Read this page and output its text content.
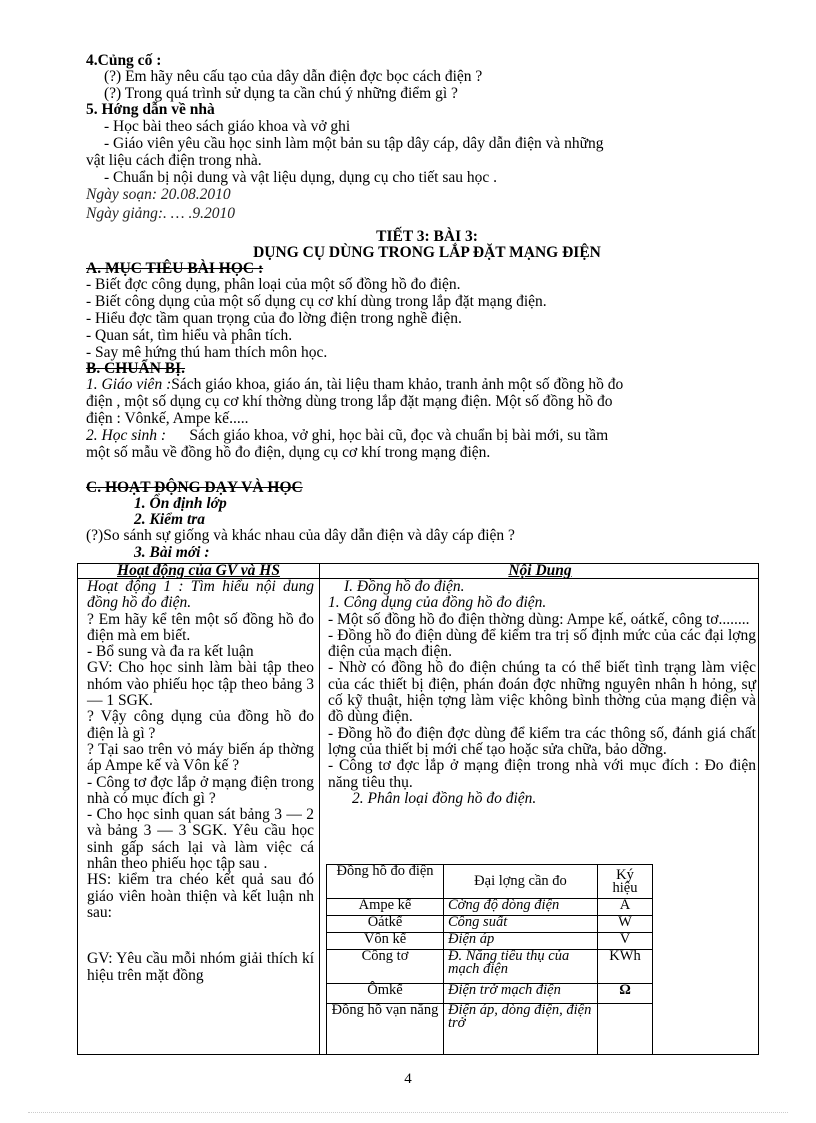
4.Củng cố :
(?) Em hãy nêu cấu tạo của dây dẫn điện đợc bọc cách điện ?
(?) Trong quá trình sử dụng ta cần chú ý những điểm gì ?
5. Hớng dẫn về nhà
- Học bài theo sách giáo khoa và vở ghi
- Giáo viên yêu cầu học sinh làm một bản su tập dây cáp, dây dẫn điện và những
vật liệu cách điện trong nhà.
- Chuẩn bị nội dung và vật liệu dụng, dụng cụ cho tiết sau học .
Ngày soạn: 20.08.2010
Ngày giảng:. … .9.2010
TIẾT 3: BÀI 3:
DỤNG CỤ DÙNG TRONG LẮP ĐẶT MẠNG ĐIỆN
A. MỤC TIÊU BÀI HỌC :
- Biết đợc công dụng, phân loại của một số đồng hồ đo điện.
- Biết công dụng của một số dụng cụ cơ khí dùng trong lắp đặt mạng điện.
- Hiểu đợc tầm quan trọng của đo lờng điện trong nghề điện.
- Quan sát, tìm hiểu và phân tích.
- Say mê hứng thú ham thích môn học.
B. CHUẨN BỊ.
1. Giáo viên :Sách giáo khoa, giáo án, tài liệu tham khảo, tranh ảnh một số đồng hồ đo
điện , một số dụng cụ cơ khí thờng dùng trong lắp đặt mạng điện. Một số đồng hồ đo
điện : Vônkế, Ampe kế.....
2. Học sinh : Sách giáo khoa, vở ghi, học bài cũ, đọc và chuẩn bị bài mới, su tầm
một số mẫu về đồng hồ đo điện, dụng cụ cơ khí trong mạng điện.
C. HOẠT ĐỘNG DẠY VÀ HỌC
1. Ổn định lớp
2. Kiểm tra
(?)So sánh sự giống và khác nhau của dây dẫn điện và dây cáp điện ?
3. Bài mới :
Hoạt động của GV và HS	Nội Dung

Hoạt động 1 : Tìm hiểu nội dung đồng hồ đo điện.

? Em hãy kể tên một số đồng hồ đo điện mà em biết.

- Bổ sung và đa ra kết luận

GV: Cho học sinh làm bài tập theo nhóm vào phiếu học tập theo bảng 3 — 1 SGK.

? Vậy công dụng của đồng hồ đo điện là gì ?

? Tại sao trên vỏ máy biến áp thờng áp Ampe kế và Vôn kế ?

- Công tơ đợc lắp ở mạng điện trong nhà có mục đích gì ?

- Cho học sinh quan sát bảng 3 — 2 và bảng 3 — 3 SGK. Yêu cầu học sinh gấp sách lại và làm việc cá nhân theo phiếu học tập sau .

HS: kiểm tra chéo kết quả sau đó giáo viên hoàn thiện và kết luận nh sau:

GV: Yêu cầu mỗi nhóm giải thích kí hiệu trên mặt đồng

I. Đồng hồ đo điện.

1. Công dụng của đồng hồ đo điện.

- Một số đồng hồ đo điện thờng dùng: Ampe kế, oátkế, công tơ........

- Đồng hồ đo điện dùng để kiểm tra trị số định mức của các đại lợng điện của mạch điện.

- Nhờ có đồng hồ đo điện chúng ta có thể biết tình trạng làm việc của các thiết bị điện, phán đoán đợc những nguyên nhân h hỏng, sự cố kỹ thuật, hiện tợng làm việc không bình thờng của mạng điện và đồ dùng điện.

- Đồng hồ đo điện đợc dùng để kiểm tra các thông số, đánh giá chất lợng của thiết bị mới chế tạo hoặc sửa chữa, bảo dỡng.

- Công tơ đợc lắp ở mạng điện trong nhà với mục đích : Đo điện năng tiêu thụ.

2. Phân loại đồng hồ đo điện.

Đồng hồ đo điện	Đại lợng cần đo	Ký hiệu
Ampe kế	Cờng độ dòng điện	A
Oátkế	Công suất	W
Vôn kế	Điện áp	V
Công tơ	Đ. Năng tiêu thụ của mạch điện	KWh
Ômkế	Điện trở mạch điện	Ω
Đồng hồ vạn năng	Điện áp, dòng điện, điện trở	
4
